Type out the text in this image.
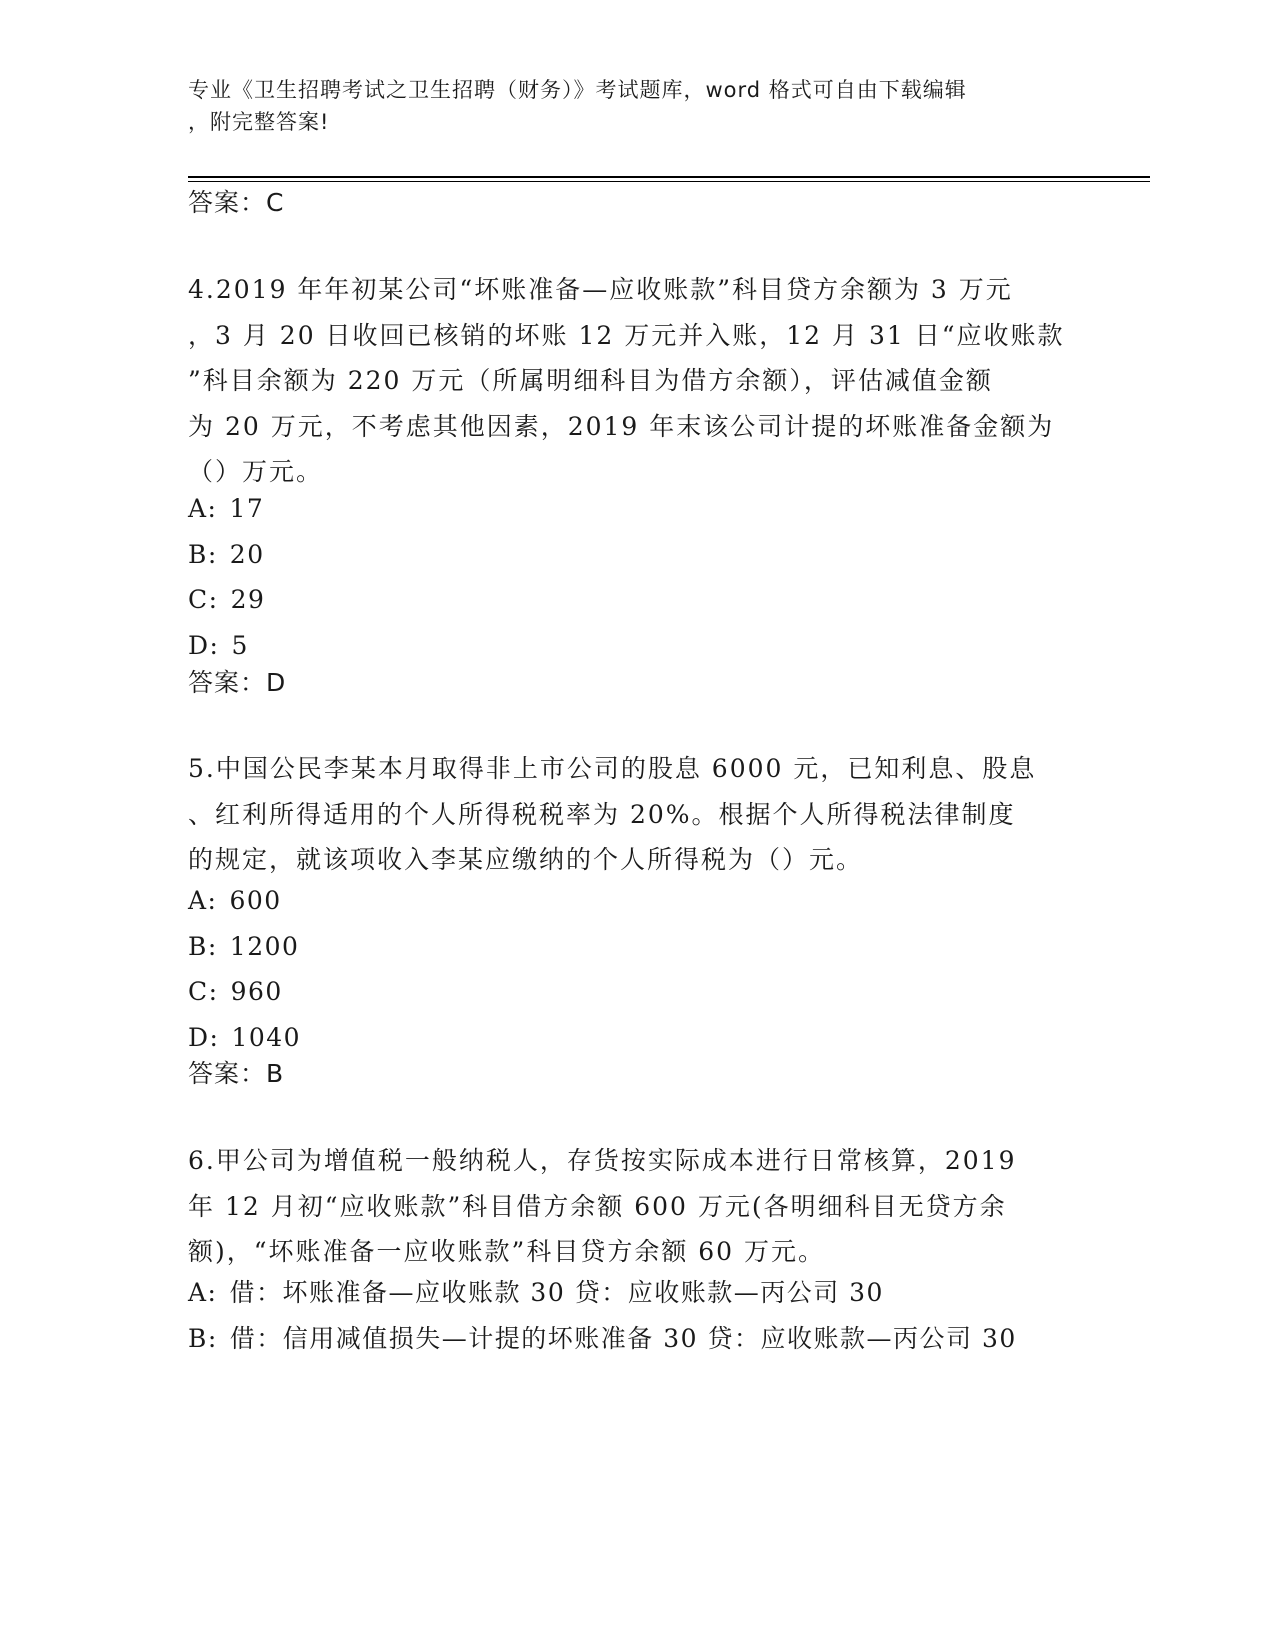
专业《卫生招聘考试之卫生招聘（财务）》考试题库，word 格式可自由下载编辑
，附完整答案!
答案：C
4.2019 年年初某公司“坏账准备—应收账款”科目贷方余额为 3 万元
，3 月 20 日收回已核销的坏账 12 万元并入账，12 月 31 日“应收账款
”科目余额为 220 万元（所属明细科目为借方余额），评估减值金额
为 20 万元，不考虑其他因素，2019 年末该公司计提的坏账准备金额为
（）万元。
A: 17
B: 20
C: 29
D: 5
答案：D
5.中国公民李某本月取得非上市公司的股息 6000 元，已知利息、股息
、红利所得适用的个人所得税税率为 20%。根据个人所得税法律制度
的规定，就该项收入李某应缴纳的个人所得税为（）元。
A: 600
B: 1200
C: 960
D: 1040
答案：B
6.甲公司为增值税一般纳税人，存货按实际成本进行日常核算，2019
年 12 月初“应收账款”科目借方余额 600 万元(各明细科目无贷方余
额)，“坏账准备一应收账款”科目贷方余额 60 万元。
A: 借：坏账准备—应收账款 30 贷：应收账款—丙公司 30
B: 借：信用减值损失—计提的坏账准备 30 贷：应收账款—丙公司 30
